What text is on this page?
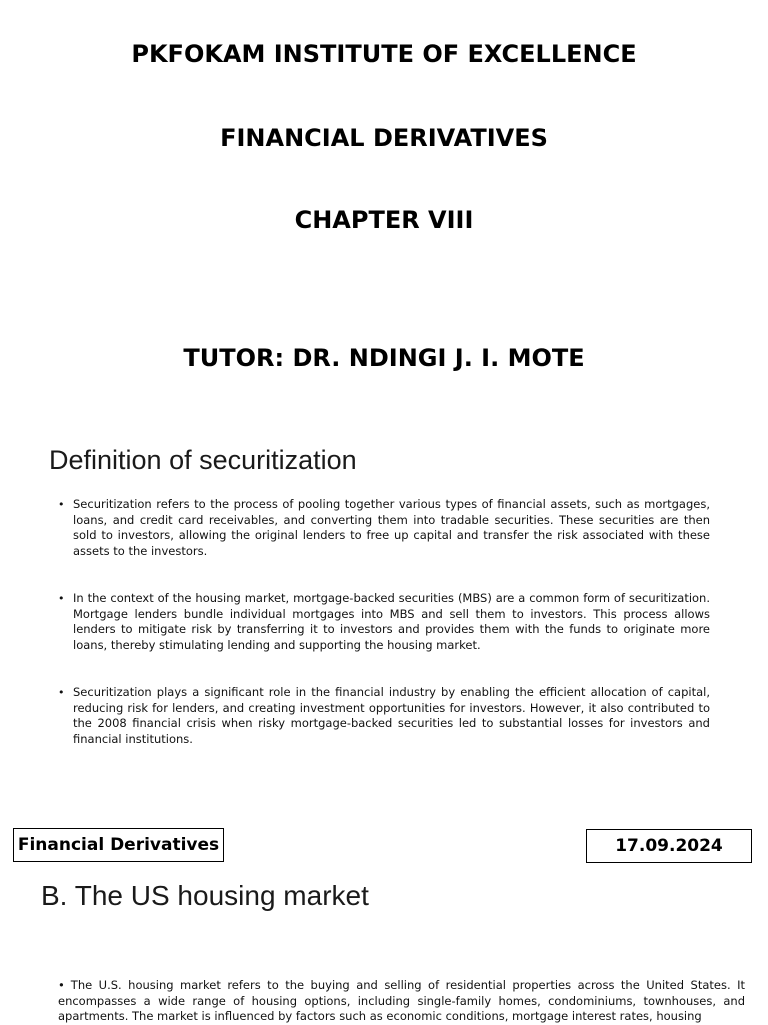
PKFOKAM INSTITUTE OF EXCELLENCE
FINANCIAL DERIVATIVES
CHAPTER VIII
TUTOR: DR. NDINGI J. I. MOTE
Definition of securitization
• Securitization refers to the process of pooling together various types of financial assets, such as mortgages, loans, and credit card receivables, and converting them into tradable securities. These securities are then sold to investors, allowing the original lenders to free up capital and transfer the risk associated with these assets to the investors.
• In the context of the housing market, mortgage-backed securities (MBS) are a common form of securitization. Mortgage lenders bundle individual mortgages into MBS and sell them to investors. This process allows lenders to mitigate risk by transferring it to investors and provides them with the funds to originate more loans, thereby stimulating lending and supporting the housing market.
• Securitization plays a significant role in the financial industry by enabling the efficient allocation of capital, reducing risk for lenders, and creating investment opportunities for investors. However, it also contributed to the 2008 financial crisis when risky mortgage-backed securities led to substantial losses for investors and financial institutions.
Financial Derivatives	17.09.2024
B. The US housing market

• The U.S. housing market refers to the buying and selling of residential properties across the United States. It encompasses a wide range of housing options, including single-family homes, condominiums, townhouses, and apartments. The market is influenced by factors such as economic conditions, mortgage interest rates, housing
